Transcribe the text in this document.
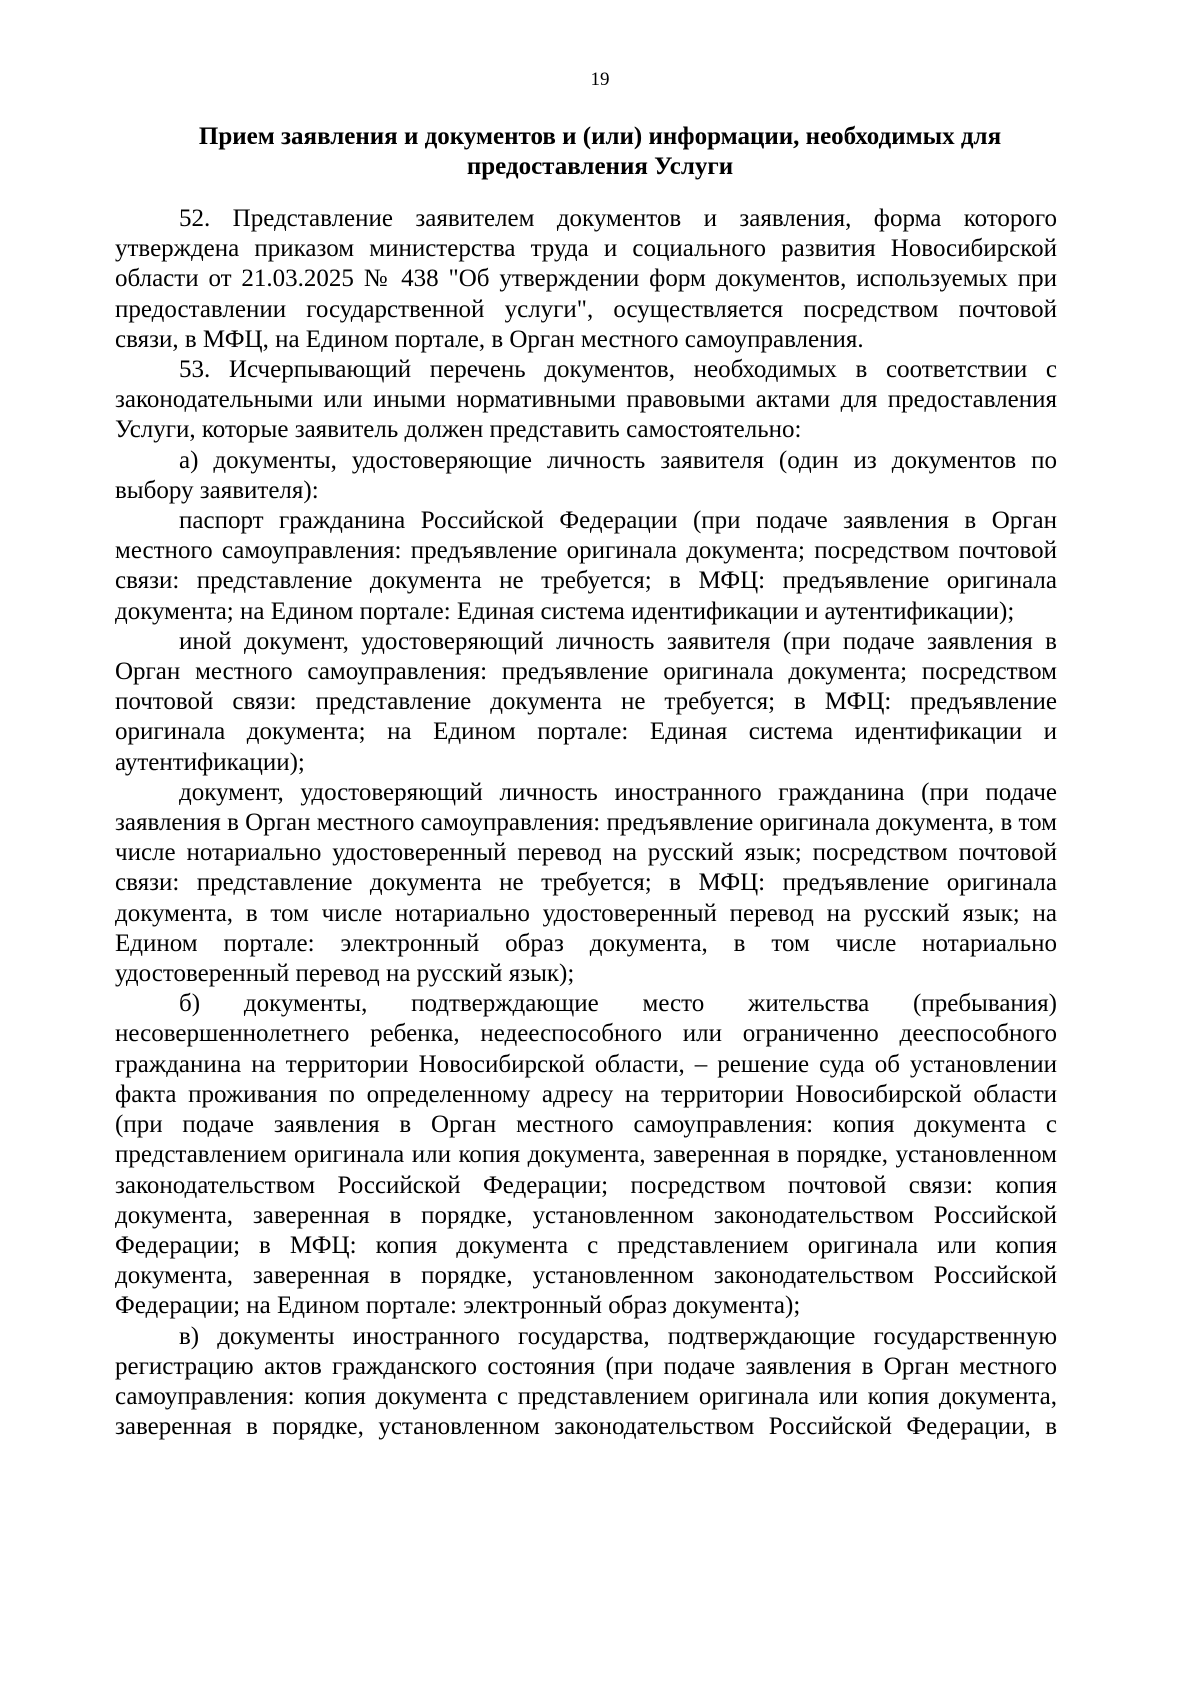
19
Прием заявления и документов и (или) информации, необходимых для предоставления Услуги

52. Представление заявителем документов и заявления, форма которого утверждена приказом министерства труда и социального развития Новосибирской области от 21.03.2025 № 438 "Об утверждении форм документов, используемых при предоставлении государственной услуги", осуществляется посредством почтовой связи, в МФЦ, на Едином портале, в Орган местного самоуправления.

53. Исчерпывающий перечень документов, необходимых в соответствии с законодательными или иными нормативными правовыми актами для предоставления Услуги, которые заявитель должен представить самостоятельно:

а) документы, удостоверяющие личность заявителя (один из документов по выбору заявителя):

паспорт гражданина Российской Федерации (при подаче заявления в Орган местного самоуправления: предъявление оригинала документа; посредством почтовой связи: представление документа не требуется; в МФЦ: предъявление оригинала документа; на Едином портале: Единая система идентификации и аутентификации);

иной документ, удостоверяющий личность заявителя (при подаче заявления в Орган местного самоуправления: предъявление оригинала документа; посредством почтовой связи: представление документа не требуется; в МФЦ: предъявление оригинала документа; на Едином портале: Единая система идентификации и аутентификации);

документ, удостоверяющий личность иностранного гражданина (при подаче заявления в Орган местного самоуправления: предъявление оригинала документа, в том числе нотариально удостоверенный перевод на русский язык; посредством почтовой связи: представление документа не требуется; в МФЦ: предъявление оригинала документа, в том числе нотариально удостоверенный перевод на русский язык; на Едином портале: электронный образ документа, в том числе нотариально удостоверенный перевод на русский язык);

б) документы, подтверждающие место жительства (пребывания) несовершеннолетнего ребенка, недееспособного или ограниченно дееспособного гражданина на территории Новосибирской области, – решение суда об установлении факта проживания по определенному адресу на территории Новосибирской области (при подаче заявления в Орган местного самоуправления: копия документа с представлением оригинала или копия документа, заверенная в порядке, установленном законодательством Российской Федерации; посредством почтовой связи: копия документа, заверенная в порядке, установленном законодательством Российской Федерации; в МФЦ: копия документа с представлением оригинала или копия документа, заверенная в порядке, установленном законодательством Российской Федерации; на Едином портале: электронный образ документа);

в) документы иностранного государства, подтверждающие государственную регистрацию актов гражданского состояния (при подаче заявления в Орган местного самоуправления: копия документа с представлением оригинала или копия документа, заверенная в порядке, установленном законодательством Российской Федерации, в
